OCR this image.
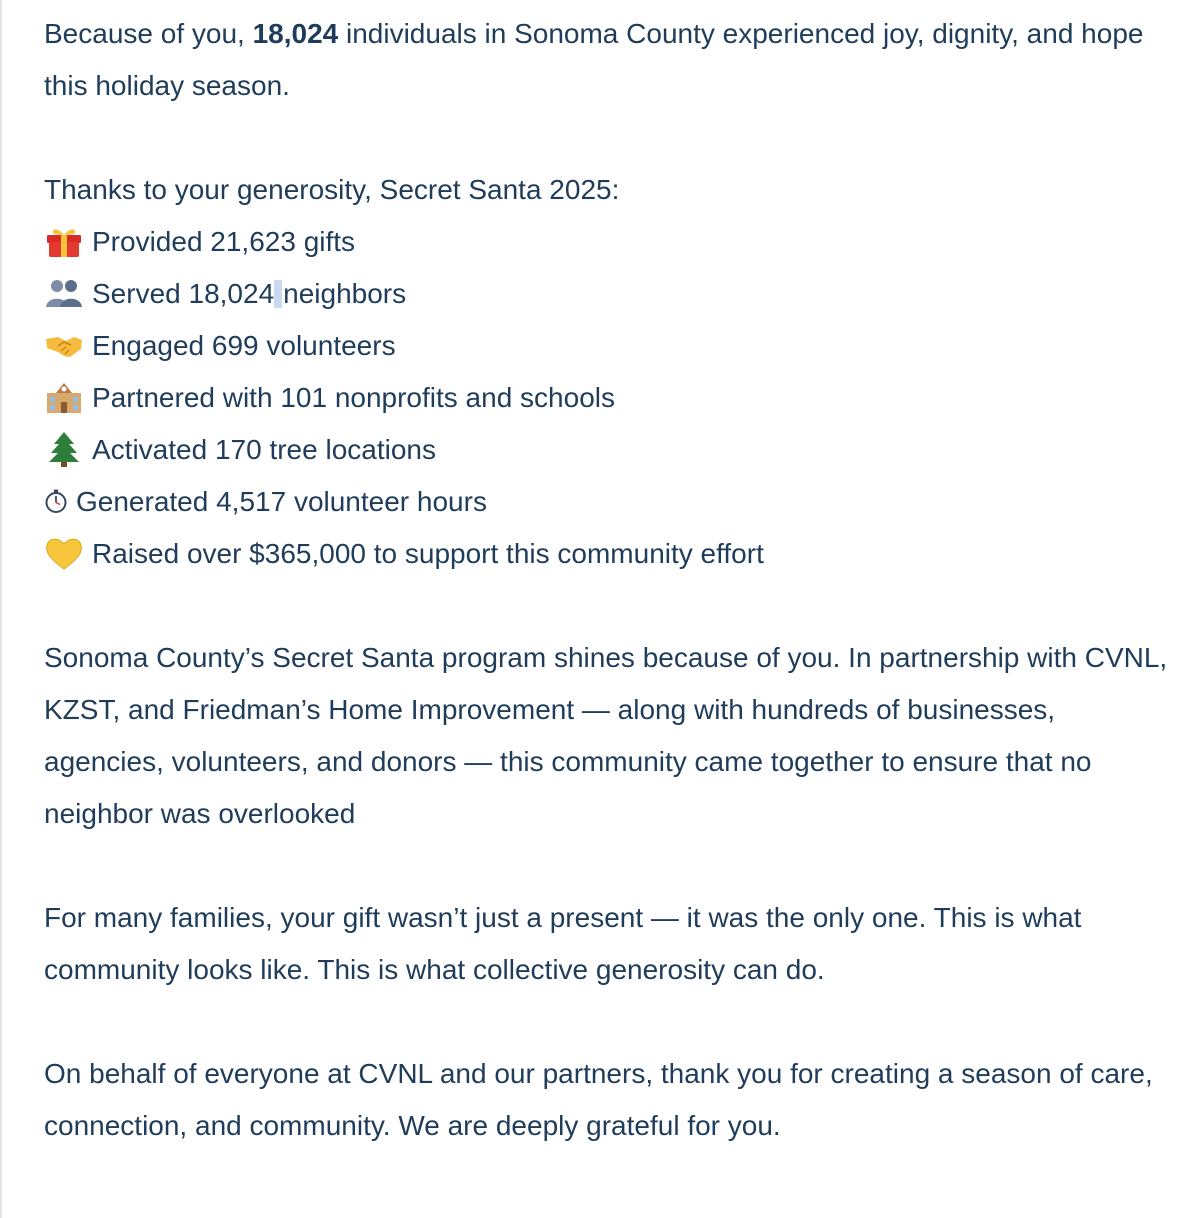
Because of you, 18,024 individuals in Sonoma County experienced joy, dignity, and hope this holiday season.

Thanks to your generosity, Secret Santa 2025:

Provided 21,623 gifts

Served 18,024 neighbors

Engaged 699 volunteers

Partnered with 101 nonprofits and schools

Activated 170 tree locations

Generated 4,517 volunteer hours

Raised over $365,000 to support this community effort

Sonoma County’s Secret Santa program shines because of you. In partnership with CVNL, KZST, and Friedman’s Home Improvement — along with hundreds of businesses, agencies, volunteers, and donors — this community came together to ensure that no neighbor was overlooked

For many families, your gift wasn’t just a present — it was the only one. This is what community looks like. This is what collective generosity can do.

On behalf of everyone at CVNL and our partners, thank you for creating a season of care, connection, and community. We are deeply grateful for you.
